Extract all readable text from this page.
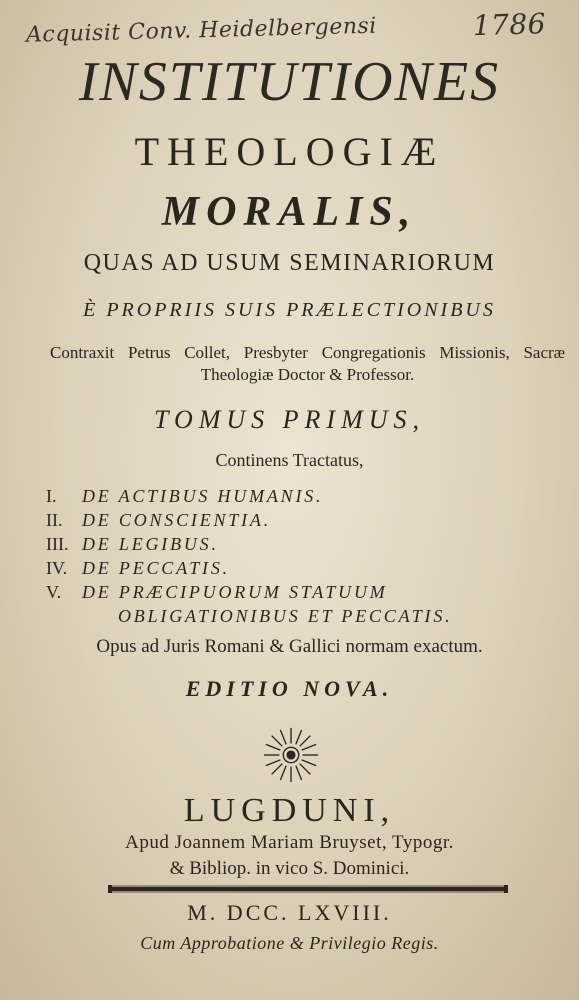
Acquisit Conv. Heidelbergensi	1786
INSTITUTIONES
THEOLOGIÆ
MORALIS,
QUAS AD USUM SEMINARIORUM
È PROPRIIS SUIS PRÆLECTIONIBUS
Contraxit Petrus Collet, Presbyter Congregationis Missionis, Sacræ Theologiæ Doctor & Professor.
TOMUS PRIMUS,
Continens Tractatus,
I. DE ACTIBUS HUMANIS.
II. DE CONSCIENTIA.
III. DE LEGIBUS.
IV. DE PECCATIS.
V. DE PRÆCIPUORUM STATUUM
OBLIGATIONIBUS ET PECCATIS.
Opus ad Juris Romani & Gallici normam exactum.
EDITIO NOVA.
LUGDUNI,
Apud Joannem Mariam Bruyset, Typogr.
& Bibliop. in vico S. Dominici.
M. DCC. LXVIII.
Cum Approbatione & Privilegio Regis.
